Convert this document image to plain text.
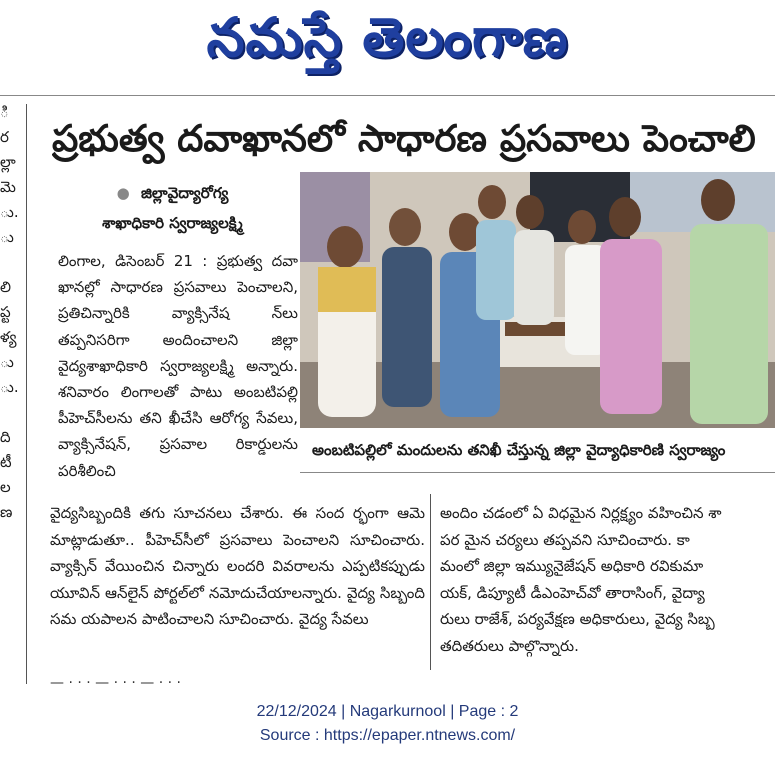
నమస్తే తెలంగాణ
ి
ర
ల్లా
మె
ు.
ు
లి
ప్ట
ళ్య
ు
ు.
ది
టీ
ల
ణ
ప్రభుత్వ దవాఖానలో సాధారణ ప్రసవాలు పెంచాలి
● జిల్లావైద్యారోగ్య
శాఖాధికారి స్వరాజ్యలక్ష్మి

లింగాల, డిసెంబర్ 21 : ప్రభుత్వ దవా ఖానల్లో సాధారణ ప్రసవాలు పెంచాలని, ప్రతిచిన్నారికి వ్యాక్సినేష న్‌లు తప్పనిసరిగా అందించాలని జిల్లా వైద్యశాఖాధికారి స్వరాజ్యలక్ష్మి అన్నారు. శనివారం లింగాలతో పాటు అంబటిపల్లి పీహెచ్‌సీలను తని ఖీచేసి ఆరోగ్య సేవలు, వ్యాక్సినేషన్, ప్రసవాల రికార్డులను పరిశీలించి

అంబటిపల్లిలో మందులను తనిఖీ చేస్తున్న జిల్లా వైద్యాధికారిణి స్వరాజ్యం

వైద్యసిబ్బందికి తగు సూచనలు చేశారు. ఈ సంద ర్భంగా ఆమె మాట్లాడుతూ.. పీహెచ్‌సీలో ప్రసవాలు పెంచాలని సూచించారు. వ్యాక్సిన్ వేయించిన చిన్నారు లందరి వివరాలను ఎప్పటికప్పుడు యూవిన్ ఆన్‌లైన్ పోర్టల్‌లో నమోదుచేయాలన్నారు. వైద్య సిబ్బంది సమ యపాలన పాటించాలని సూచించారు. వైద్య సేవలు

అందిం చడంలో ఏ విధమైన నిర్లక్ష్యం వహించిన శా

పర మైన చర్యలు తప్పవని సూచించారు. కా

మంలో జిల్లా ఇమ్యునైజేషన్ అధికారి రవికుమా

యక్, డిప్యూటీ డీఎంహెచ్‌వో తారాసింగ్, వైద్యా

రులు రాజేశ్, పర్యవేక్షణ అధికారులు, వైద్య సిబ్బ

తదితరులు పాల్గొన్నారు.

— · · · — · · · — · · ·
22/12/2024 | Nagarkurnool | Page : 2
Source : https://epaper.ntnews.com/
